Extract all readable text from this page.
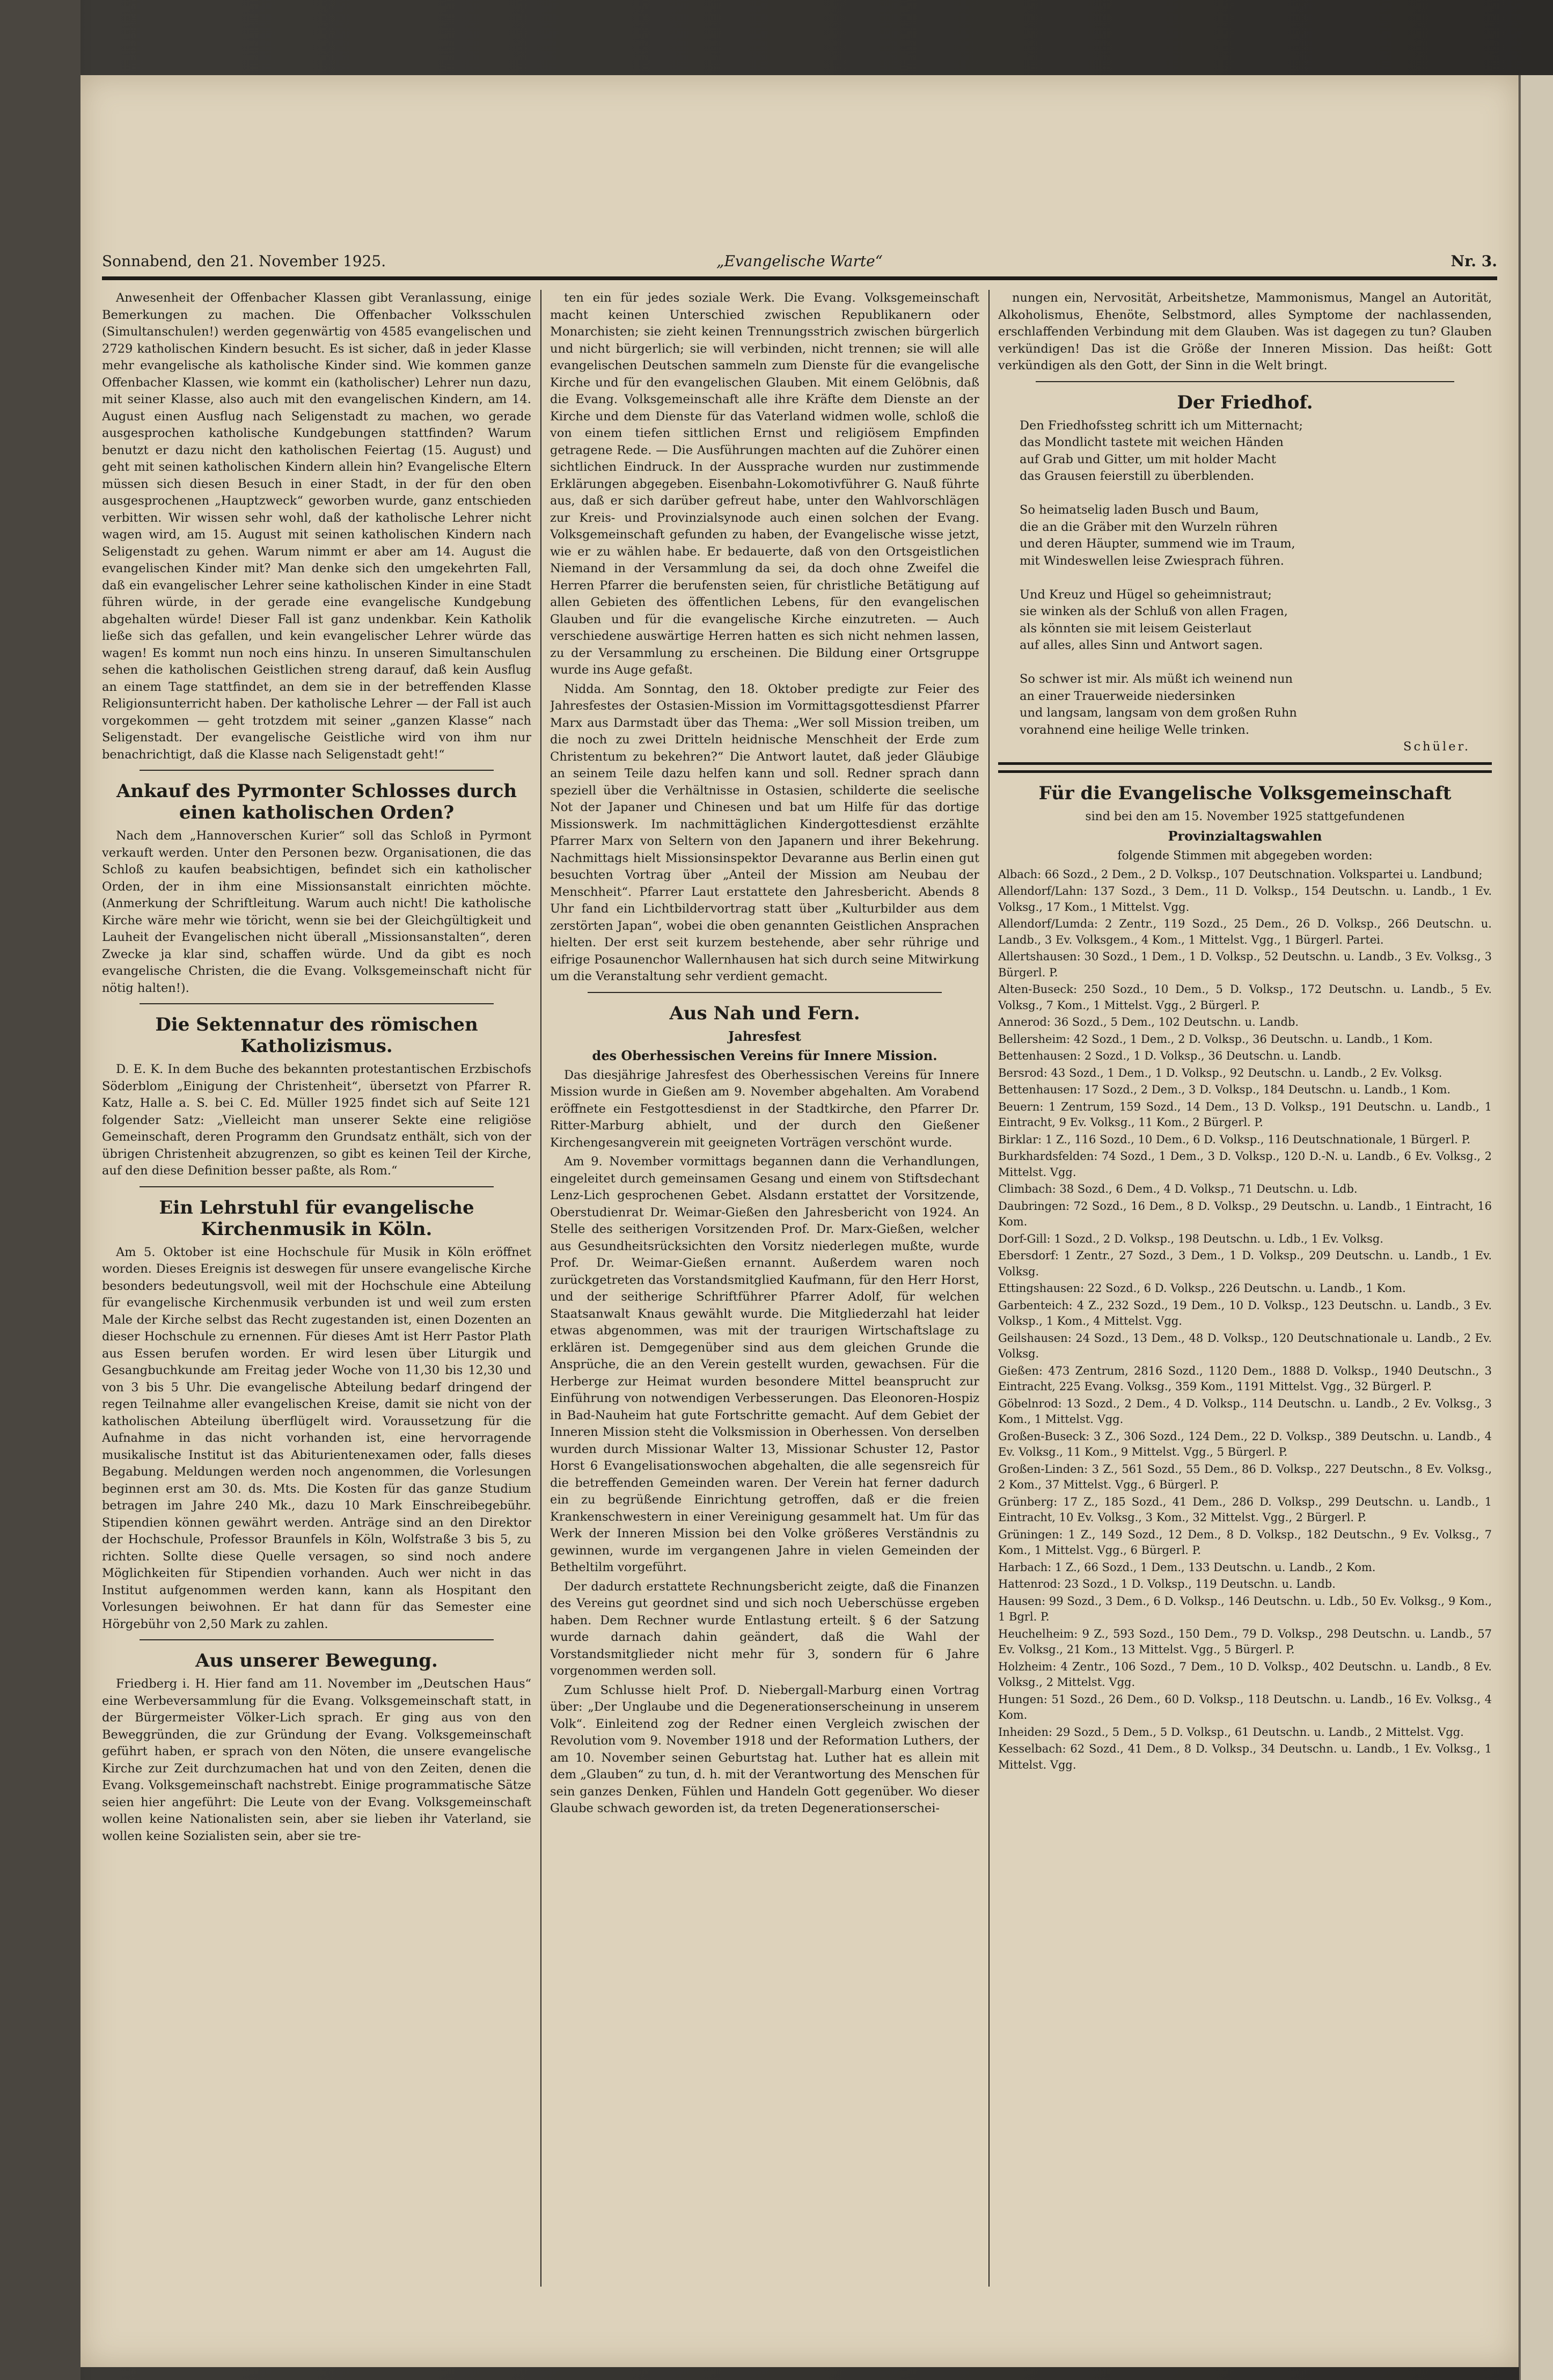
Sonnabend, den 21. November 1925.	„Evangelische Warte“	Nr. 3.

Anwesenheit der Offenbacher Klassen gibt Veranlassung, einige Bemerkungen zu machen. Die Offenbacher Volksschulen (Simultanschulen!) werden gegenwärtig von 4585 evangelischen und 2729 katholischen Kindern besucht. Es ist sicher, daß in jeder Klasse mehr evangelische als katholische Kinder sind. Wie kommen ganze Offenbacher Klassen, wie kommt ein (katholischer) Lehrer nun dazu, mit seiner Klasse, also auch mit den evangelischen Kindern, am 14. August einen Ausflug nach Seligenstadt zu machen, wo gerade ausgesprochen katholische Kundgebungen stattfinden? Warum benutzt er dazu nicht den katholischen Feiertag (15. August) und geht mit seinen katholischen Kindern allein hin? Evangelische Eltern müssen sich diesen Besuch in einer Stadt, in der für den oben ausgesprochenen „Hauptzweck“ geworben wurde, ganz entschieden verbitten. Wir wissen sehr wohl, daß der katholische Lehrer nicht wagen wird, am 15. August mit seinen katholischen Kindern nach Seligenstadt zu gehen. Warum nimmt er aber am 14. August die evangelischen Kinder mit? Man denke sich den umgekehrten Fall, daß ein evangelischer Lehrer seine katholischen Kinder in eine Stadt führen würde, in der gerade eine evangelische Kundgebung abgehalten würde! Dieser Fall ist ganz undenkbar. Kein Katholik ließe sich das gefallen, und kein evangelischer Lehrer würde das wagen! Es kommt nun noch eins hinzu. In unseren Simultanschulen sehen die katholischen Geistlichen streng darauf, daß kein Ausflug an einem Tage stattfindet, an dem sie in der betreffenden Klasse Religionsunterricht haben. Der katholische Lehrer — der Fall ist auch vorgekommen — geht trotzdem mit seiner „ganzen Klasse“ nach Seligenstadt. Der evangelische Geistliche wird von ihm nur benachrichtigt, daß die Klasse nach Seligenstadt geht!“

Ankauf des Pyrmonter Schlosses durch einen katholischen Orden?

Nach dem „Hannoverschen Kurier“ soll das Schloß in Pyrmont verkauft werden. Unter den Personen bezw. Organisationen, die das Schloß zu kaufen beabsichtigen, befindet sich ein katholischer Orden, der in ihm eine Missionsanstalt einrichten möchte. (Anmerkung der Schriftleitung. Warum auch nicht! Die katholische Kirche wäre mehr wie töricht, wenn sie bei der Gleichgültigkeit und Lauheit der Evangelischen nicht überall „Missionsanstalten“, deren Zwecke ja klar sind, schaffen würde. Und da gibt es noch evangelische Christen, die die Evang. Volksgemeinschaft nicht für nötig halten!).

Die Sektennatur des römischen Katholizismus.

D. E. K. In dem Buche des bekannten protestantischen Erzbischofs Söderblom „Einigung der Christenheit“, übersetzt von Pfarrer R. Katz, Halle a. S. bei C. Ed. Müller 1925 findet sich auf Seite 121 folgender Satz: „Vielleicht man unserer Sekte eine religiöse Gemeinschaft, deren Programm den Grundsatz enthält, sich von der übrigen Christenheit abzugrenzen, so gibt es keinen Teil der Kirche, auf den diese Definition besser paßte, als Rom.“

Ein Lehrstuhl für evangelische Kirchenmusik in Köln.

Am 5. Oktober ist eine Hochschule für Musik in Köln eröffnet worden. Dieses Ereignis ist deswegen für unsere evangelische Kirche besonders bedeutungsvoll, weil mit der Hochschule eine Abteilung für evangelische Kirchenmusik verbunden ist und weil zum ersten Male der Kirche selbst das Recht zugestanden ist, einen Dozenten an dieser Hochschule zu ernennen. Für dieses Amt ist Herr Pastor Plath aus Essen berufen worden. Er wird lesen über Liturgik und Gesangbuchkunde am Freitag jeder Woche von 11,30 bis 12,30 und von 3 bis 5 Uhr. Die evangelische Abteilung bedarf dringend der regen Teilnahme aller evangelischen Kreise, damit sie nicht von der katholischen Abteilung überflügelt wird. Voraussetzung für die Aufnahme in das nicht vorhanden ist, eine hervorragende musikalische Institut ist das Abiturientenexamen oder, falls dieses Begabung. Meldungen werden noch angenommen, die Vorlesungen beginnen erst am 30. ds. Mts. Die Kosten für das ganze Studium betragen im Jahre 240 Mk., dazu 10 Mark Einschreibegebühr. Stipendien können gewährt werden. Anträge sind an den Direktor der Hochschule, Professor Braunfels in Köln, Wolfstraße 3 bis 5, zu richten. Sollte diese Quelle versagen, so sind noch andere Möglichkeiten für Stipendien vorhanden. Auch wer nicht in das Institut aufgenommen werden kann, kann als Hospitant den Vorlesungen beiwohnen. Er hat dann für das Semester eine Hörgebühr von 2,50 Mark zu zahlen.

Aus unserer Bewegung.

Friedberg i. H. Hier fand am 11. November im „Deutschen Haus“ eine Werbeversammlung für die Evang. Volksgemeinschaft statt, in der Bürgermeister Völker-Lich sprach. Er ging aus von den Beweggründen, die zur Gründung der Evang. Volksgemeinschaft geführt haben, er sprach von den Nöten, die unsere evangelische Kirche zur Zeit durchzumachen hat und von den Zeiten, denen die Evang. Volksgemeinschaft nachstrebt. Einige programmatische Sätze seien hier angeführt: Die Leute von der Evang. Volksgemeinschaft wollen keine Nationalisten sein, aber sie lieben ihr Vaterland, sie wollen keine Sozialisten sein, aber sie tre-

ten ein für jedes soziale Werk. Die Evang. Volksgemeinschaft macht keinen Unterschied zwischen Republikanern oder Monarchisten; sie zieht keinen Trennungsstrich zwischen bürgerlich und nicht bürgerlich; sie will verbinden, nicht trennen; sie will alle evangelischen Deutschen sammeln zum Dienste für die evangelische Kirche und für den evangelischen Glauben. Mit einem Gelöbnis, daß die Evang. Volksgemeinschaft alle ihre Kräfte dem Dienste an der Kirche und dem Dienste für das Vaterland widmen wolle, schloß die von einem tiefen sittlichen Ernst und religiösem Empfinden getragene Rede. — Die Ausführungen machten auf die Zuhörer einen sichtlichen Eindruck. In der Aussprache wurden nur zustimmende Erklärungen abgegeben. Eisenbahn-Lokomotivführer G. Nauß führte aus, daß er sich darüber gefreut habe, unter den Wahlvorschlägen zur Kreis- und Provinzialsynode auch einen solchen der Evang. Volksgemeinschaft gefunden zu haben, der Evangelische wisse jetzt, wie er zu wählen habe. Er bedauerte, daß von den Ortsgeistlichen Niemand in der Versammlung da sei, da doch ohne Zweifel die Herren Pfarrer die berufensten seien, für christliche Betätigung auf allen Gebieten des öffentlichen Lebens, für den evangelischen Glauben und für die evangelische Kirche einzutreten. — Auch verschiedene auswärtige Herren hatten es sich nicht nehmen lassen, zu der Versammlung zu erscheinen. Die Bildung einer Ortsgruppe wurde ins Auge gefaßt.

Nidda. Am Sonntag, den 18. Oktober predigte zur Feier des Jahresfestes der Ostasien-Mission im Vormittagsgottesdienst Pfarrer Marx aus Darmstadt über das Thema: „Wer soll Mission treiben, um die noch zu zwei Dritteln heidnische Menschheit der Erde zum Christentum zu bekehren?“ Die Antwort lautet, daß jeder Gläubige an seinem Teile dazu helfen kann und soll. Redner sprach dann speziell über die Verhältnisse in Ostasien, schilderte die seelische Not der Japaner und Chinesen und bat um Hilfe für das dortige Missionswerk. Im nachmittäglichen Kindergottesdienst erzählte Pfarrer Marx von Seltern von den Japanern und ihrer Bekehrung. Nachmittags hielt Missionsinspektor Devaranne aus Berlin einen gut besuchten Vortrag über „Anteil der Mission am Neubau der Menschheit“. Pfarrer Laut erstattete den Jahresbericht. Abends 8 Uhr fand ein Lichtbildervortrag statt über „Kulturbilder aus dem zerstörten Japan“, wobei die oben genannten Geistlichen Ansprachen hielten. Der erst seit kurzem bestehende, aber sehr rührige und eifrige Posaunenchor Wallernhausen hat sich durch seine Mitwirkung um die Veranstaltung sehr verdient gemacht.

Aus Nah und Fern.
Jahresfest
des Oberhessischen Vereins für Innere Mission.

Das diesjährige Jahresfest des Oberhessischen Vereins für Innere Mission wurde in Gießen am 9. November abgehalten. Am Vorabend eröffnete ein Festgottesdienst in der Stadtkirche, den Pfarrer Dr. Ritter-Marburg abhielt, und der durch den Gießener Kirchengesangverein mit geeigneten Vorträgen verschönt wurde.

Am 9. November vormittags begannen dann die Verhandlungen, eingeleitet durch gemeinsamen Gesang und einem von Stiftsdechant Lenz-Lich gesprochenen Gebet. Alsdann erstattet der Vorsitzende, Oberstudienrat Dr. Weimar-Gießen den Jahresbericht von 1924. An Stelle des seitherigen Vorsitzenden Prof. Dr. Marx-Gießen, welcher aus Gesundheitsrücksichten den Vorsitz niederlegen mußte, wurde Prof. Dr. Weimar-Gießen ernannt. Außerdem waren noch zurückgetreten das Vorstandsmitglied Kaufmann, für den Herr Horst, und der seitherige Schriftführer Pfarrer Adolf, für welchen Staatsanwalt Knaus gewählt wurde. Die Mitgliederzahl hat leider etwas abgenommen, was mit der traurigen Wirtschaftslage zu erklären ist. Demgegenüber sind aus dem gleichen Grunde die Ansprüche, die an den Verein gestellt wurden, gewachsen. Für die Herberge zur Heimat wurden besondere Mittel beansprucht zur Einführung von notwendigen Verbesserungen. Das Eleonoren-Hospiz in Bad-Nauheim hat gute Fortschritte gemacht. Auf dem Gebiet der Inneren Mission steht die Volksmission in Oberhessen. Von derselben wurden durch Missionar Walter 13, Missionar Schuster 12, Pastor Horst 6 Evangelisationswochen abgehalten, die alle segensreich für die betreffenden Gemeinden waren. Der Verein hat ferner dadurch ein zu begrüßende Einrichtung getroffen, daß er die freien Krankenschwestern in einer Vereinigung gesammelt hat. Um für das Werk der Inneren Mission bei den Volke größeres Verständnis zu gewinnen, wurde im vergangenen Jahre in vielen Gemeinden der Betheltilm vorgeführt.

Der dadurch erstattete Rechnungsbericht zeigte, daß die Finanzen des Vereins gut geordnet sind und sich noch Ueberschüsse ergeben haben. Dem Rechner wurde Entlastung erteilt. § 6 der Satzung wurde darnach dahin geändert, daß die Wahl der Vorstandsmitglieder nicht mehr für 3, sondern für 6 Jahre vorgenommen werden soll.

Zum Schlusse hielt Prof. D. Niebergall-Marburg einen Vortrag über: „Der Unglaube und die Degenerationserscheinung in unserem Volk“. Einleitend zog der Redner einen Vergleich zwischen der Revolution vom 9. November 1918 und der Reformation Luthers, der am 10. November seinen Geburtstag hat. Luther hat es allein mit dem „Glauben“ zu tun, d. h. mit der Verantwortung des Menschen für sein ganzes Denken, Fühlen und Handeln Gott gegenüber. Wo dieser Glaube schwach geworden ist, da treten Degenerationserschei-

nungen ein, Nervosität, Arbeitshetze, Mammonismus, Mangel an Autorität, Alkoholismus, Ehenöte, Selbstmord, alles Symptome der nachlassenden, erschlaffenden Verbindung mit dem Glauben. Was ist dagegen zu tun? Glauben verkündigen! Das ist die Größe der Inneren Mission. Das heißt: Gott verkündigen als den Gott, der Sinn in die Welt bringt.

Der Friedhof.

Den Friedhofssteg schritt ich um Mitternacht;

das Mondlicht tastete mit weichen Händen

auf Grab und Gitter, um mit holder Macht

das Grausen feierstill zu überblenden.

So heimatselig laden Busch und Baum,

die an die Gräber mit den Wurzeln rühren

und deren Häupter, summend wie im Traum,

mit Windeswellen leise Zwiesprach führen.

Und Kreuz und Hügel so geheimnistraut;

sie winken als der Schluß von allen Fragen,

als könnten sie mit leisem Geisterlaut

auf alles, alles Sinn und Antwort sagen.

So schwer ist mir. Als müßt ich weinend nun

an einer Trauerweide niedersinken

und langsam, langsam von dem großen Ruhn

vorahnend eine heilige Welle trinken.

Schüler.

Für die Evangelische Volksgemeinschaft

sind bei den am 15. November 1925 stattgefundenen

Provinzialtagswahlen

folgende Stimmen mit abgegeben worden:

Albach: 66 Sozd., 2 Dem., 2 D. Volksp., 107 Deutschnation. Volkspartei u. Landbund;

Allendorf/Lahn: 137 Sozd., 3 Dem., 11 D. Volksp., 154 Deutschn. u. Landb., 1 Ev. Volksg., 17 Kom., 1 Mittelst. Vgg.

Allendorf/Lumda: 2 Zentr., 119 Sozd., 25 Dem., 26 D. Volksp., 266 Deutschn. u. Landb., 3 Ev. Volksgem., 4 Kom., 1 Mittelst. Vgg., 1 Bürgerl. Partei.

Allertshausen: 30 Sozd., 1 Dem., 1 D. Volksp., 52 Deutschn. u. Landb., 3 Ev. Volksg., 3 Bürgerl. P.

Alten-Buseck: 250 Sozd., 10 Dem., 5 D. Volksp., 172 Deutschn. u. Landb., 5 Ev. Volksg., 7 Kom., 1 Mittelst. Vgg., 2 Bürgerl. P.

Annerod: 36 Sozd., 5 Dem., 102 Deutschn. u. Landb.

Bellersheim: 42 Sozd., 1 Dem., 2 D. Volksp., 36 Deutschn. u. Landb., 1 Kom.

Bettenhausen: 2 Sozd., 1 D. Volksp., 36 Deutschn. u. Landb.

Bersrod: 43 Sozd., 1 Dem., 1 D. Volksp., 92 Deutschn. u. Landb., 2 Ev. Volksg.

Bettenhausen: 17 Sozd., 2 Dem., 3 D. Volksp., 184 Deutschn. u. Landb., 1 Kom.

Beuern: 1 Zentrum, 159 Sozd., 14 Dem., 13 D. Volksp., 191 Deutschn. u. Landb., 1 Eintracht, 9 Ev. Volksg., 11 Kom., 2 Bürgerl. P.

Birklar: 1 Z., 116 Sozd., 10 Dem., 6 D. Volksp., 116 Deutschnationale, 1 Bürgerl. P.

Burkhardsfelden: 74 Sozd., 1 Dem., 3 D. Volksp., 120 D.-N. u. Landb., 6 Ev. Volksg., 2 Mittelst. Vgg.

Climbach: 38 Sozd., 6 Dem., 4 D. Volksp., 71 Deutschn. u. Ldb.

Daubringen: 72 Sozd., 16 Dem., 8 D. Volksp., 29 Deutschn. u. Landb., 1 Eintracht, 16 Kom.

Dorf-Gill: 1 Sozd., 2 D. Volksp., 198 Deutschn. u. Ldb., 1 Ev. Volksg.

Ebersdorf: 1 Zentr., 27 Sozd., 3 Dem., 1 D. Volksp., 209 Deutschn. u. Landb., 1 Ev. Volksg.

Ettingshausen: 22 Sozd., 6 D. Volksp., 226 Deutschn. u. Landb., 1 Kom.

Garbenteich: 4 Z., 232 Sozd., 19 Dem., 10 D. Volksp., 123 Deutschn. u. Landb., 3 Ev. Volksp., 1 Kom., 4 Mittelst. Vgg.

Geilshausen: 24 Sozd., 13 Dem., 48 D. Volksp., 120 Deutschnationale u. Landb., 2 Ev. Volksg.

Gießen: 473 Zentrum, 2816 Sozd., 1120 Dem., 1888 D. Volksp., 1940 Deutschn., 3 Eintracht, 225 Evang. Volksg., 359 Kom., 1191 Mittelst. Vgg., 32 Bürgerl. P.

Göbelnrod: 13 Sozd., 2 Dem., 4 D. Volksp., 114 Deutschn. u. Landb., 2 Ev. Volksg., 3 Kom., 1 Mittelst. Vgg.

Großen-Buseck: 3 Z., 306 Sozd., 124 Dem., 22 D. Volksp., 389 Deutschn. u. Landb., 4 Ev. Volksg., 11 Kom., 9 Mittelst. Vgg., 5 Bürgerl. P.

Großen-Linden: 3 Z., 561 Sozd., 55 Dem., 86 D. Volksp., 227 Deutschn., 8 Ev. Volksg., 2 Kom., 37 Mittelst. Vgg., 6 Bürgerl. P.

Grünberg: 17 Z., 185 Sozd., 41 Dem., 286 D. Volksp., 299 Deutschn. u. Landb., 1 Eintracht, 10 Ev. Volksg., 3 Kom., 32 Mittelst. Vgg., 2 Bürgerl. P.

Grüningen: 1 Z., 149 Sozd., 12 Dem., 8 D. Volksp., 182 Deutschn., 9 Ev. Volksg., 7 Kom., 1 Mittelst. Vgg., 6 Bürgerl. P.

Harbach: 1 Z., 66 Sozd., 1 Dem., 133 Deutschn. u. Landb., 2 Kom.

Hattenrod: 23 Sozd., 1 D. Volksp., 119 Deutschn. u. Landb.

Hausen: 99 Sozd., 3 Dem., 6 D. Volksp., 146 Deutschn. u. Ldb., 50 Ev. Volksg., 9 Kom., 1 Bgrl. P.

Heuchelheim: 9 Z., 593 Sozd., 150 Dem., 79 D. Volksp., 298 Deutschn. u. Landb., 57 Ev. Volksg., 21 Kom., 13 Mittelst. Vgg., 5 Bürgerl. P.

Holzheim: 4 Zentr., 106 Sozd., 7 Dem., 10 D. Volksp., 402 Deutschn. u. Landb., 8 Ev. Volksg., 2 Mittelst. Vgg.

Hungen: 51 Sozd., 26 Dem., 60 D. Volksp., 118 Deutschn. u. Landb., 16 Ev. Volksg., 4 Kom.

Inheiden: 29 Sozd., 5 Dem., 5 D. Volksp., 61 Deutschn. u. Landb., 2 Mittelst. Vgg.

Kesselbach: 62 Sozd., 41 Dem., 8 D. Volksp., 34 Deutschn. u. Landb., 1 Ev. Volksg., 1 Mittelst. Vgg.
